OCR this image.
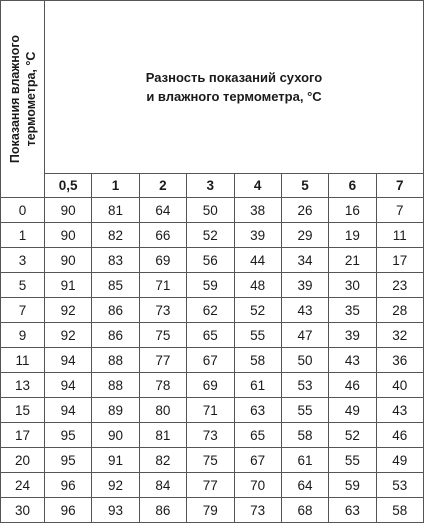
Показания влажного термометра, °C	Разность показаний сухого
и влажного термометра, °C							

	0,5	1	2	3	4	5	6	7
0	90	81	64	50	38	26	16	7
1	90	82	66	52	39	29	19	11
3	90	83	69	56	44	34	21	17
5	91	85	71	59	48	39	30	23
7	92	86	73	62	52	43	35	28
9	92	86	75	65	55	47	39	32
11	94	88	77	67	58	50	43	36
13	94	88	78	69	61	53	46	40
15	94	89	80	71	63	55	49	43
17	95	90	81	73	65	58	52	46
20	95	91	82	75	67	61	55	49
24	96	92	84	77	70	64	59	53
30	96	93	86	79	73	68	63	58
